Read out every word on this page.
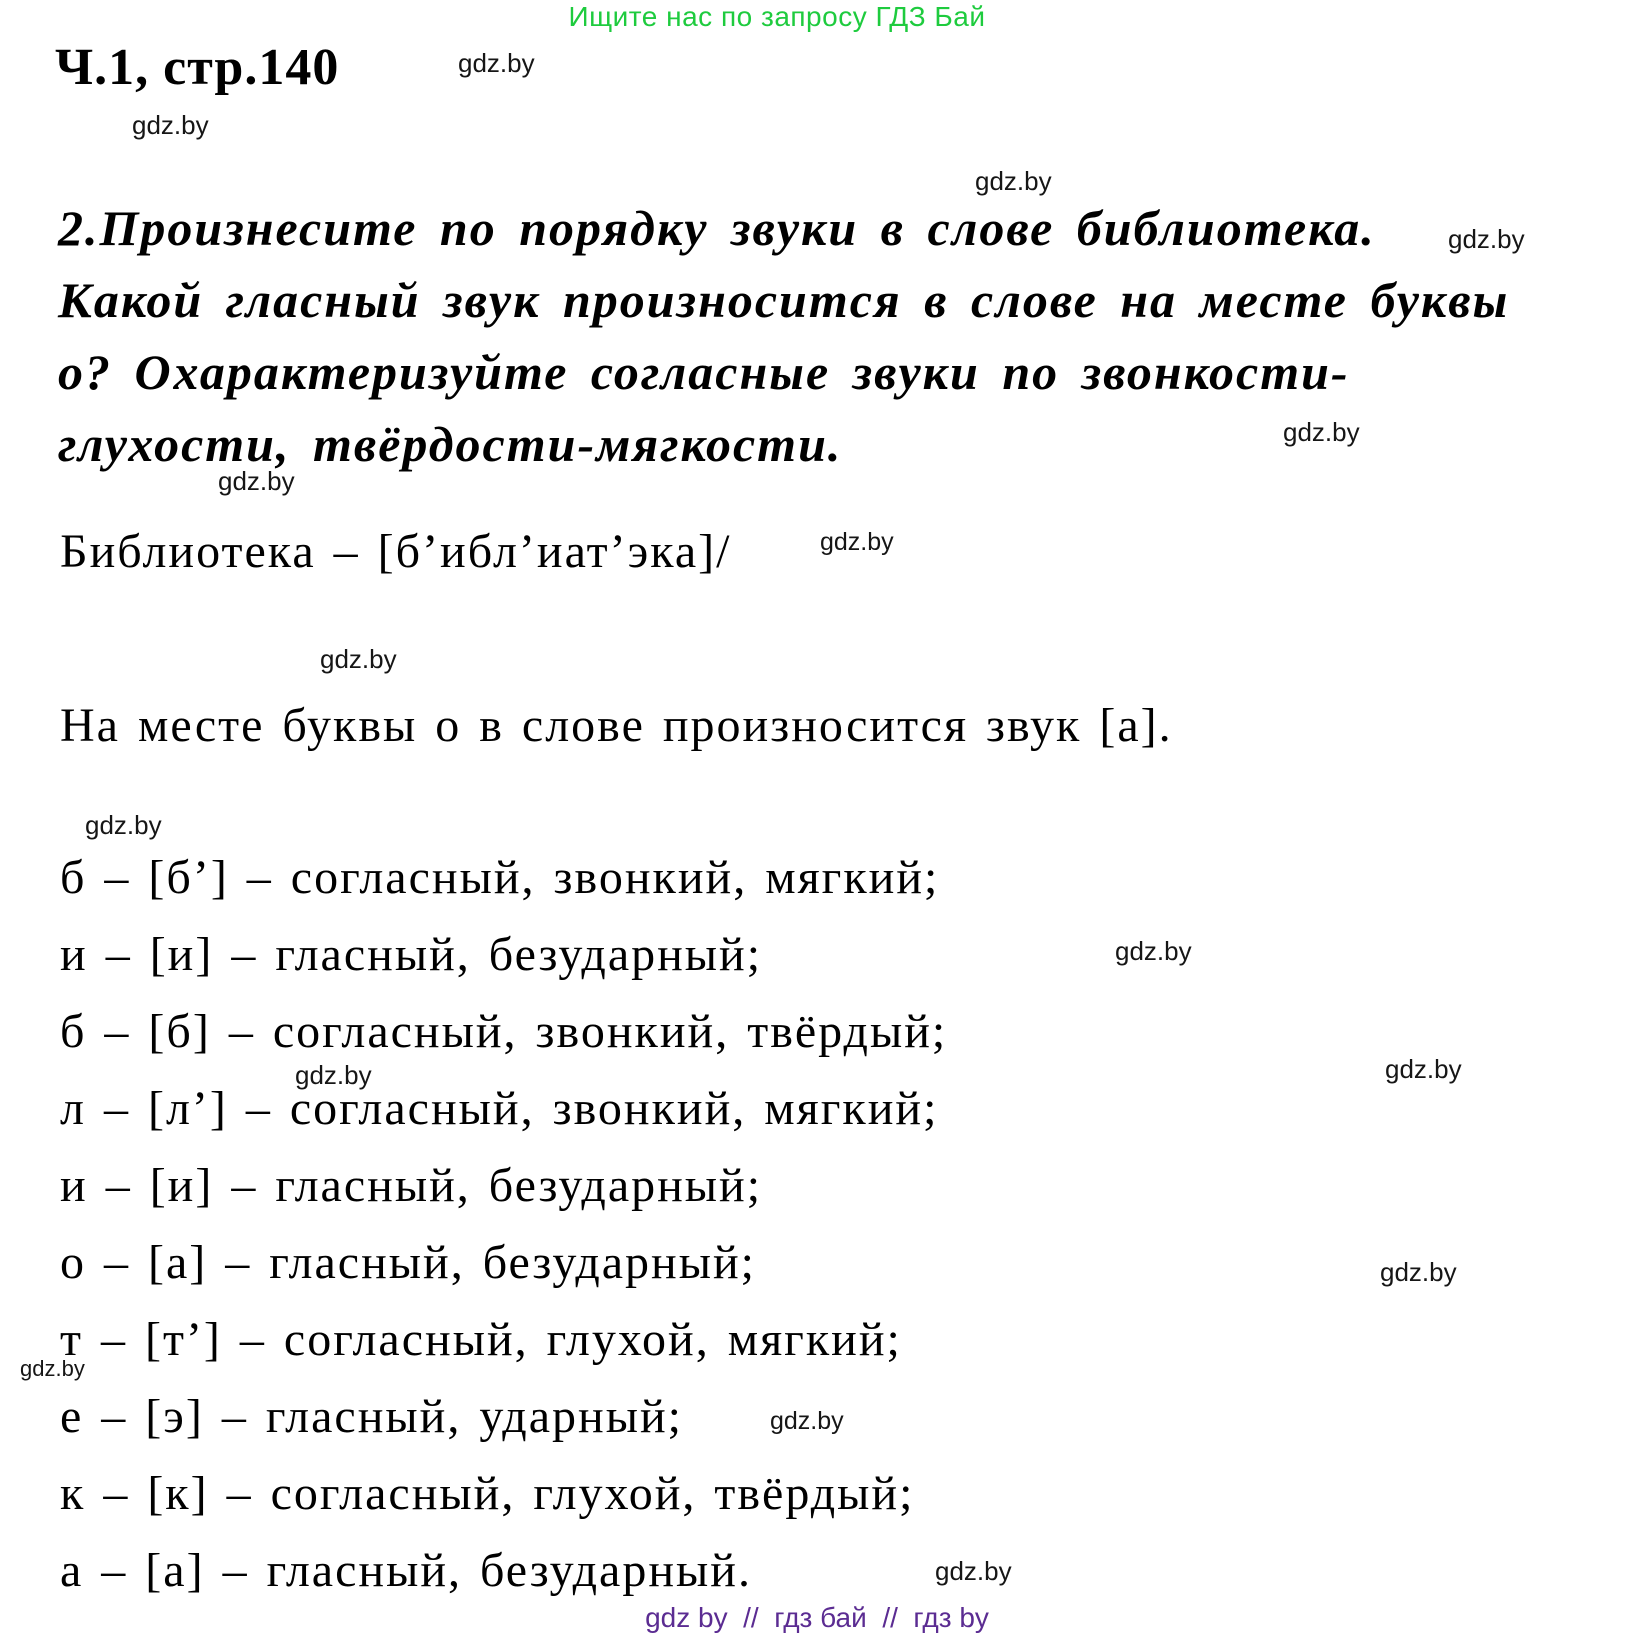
Ищите нас по запросу ГДЗ Бай
Ч.1, стр.140
2.Произнесите по порядку звуки в слове библиотека.
Какой гласный звук произносится в слове на месте буквы
о? Охарактеризуйте согласные звуки по звонкости-
глухости, твёрдости-мягкости.
Библиотека – [б’ибл’иат’эка]/
На месте буквы о в слове произносится звук [а].
б – [б’] – согласный, звонкий, мягкий;
и – [и] – гласный, безударный;
б – [б] – согласный, звонкий, твёрдый;
л – [л’] – согласный, звонкий, мягкий;
и – [и] – гласный, безударный;
о – [а] – гласный, безударный;
т – [т’] – согласный, глухой, мягкий;
е – [э] – гласный, ударный;
к – [к] – согласный, глухой, твёрдый;
а – [а] – гласный, безударный.
gdz.by
gdz.by
gdz.by
gdz.by
gdz.by
gdz.by
gdz.by
gdz.by
gdz.by
gdz.by
gdz.by	gdz.by
gdz.by
gdz.by
gdz.by
gdz.by
gdz by  //  гдз бай  //  гдз by
